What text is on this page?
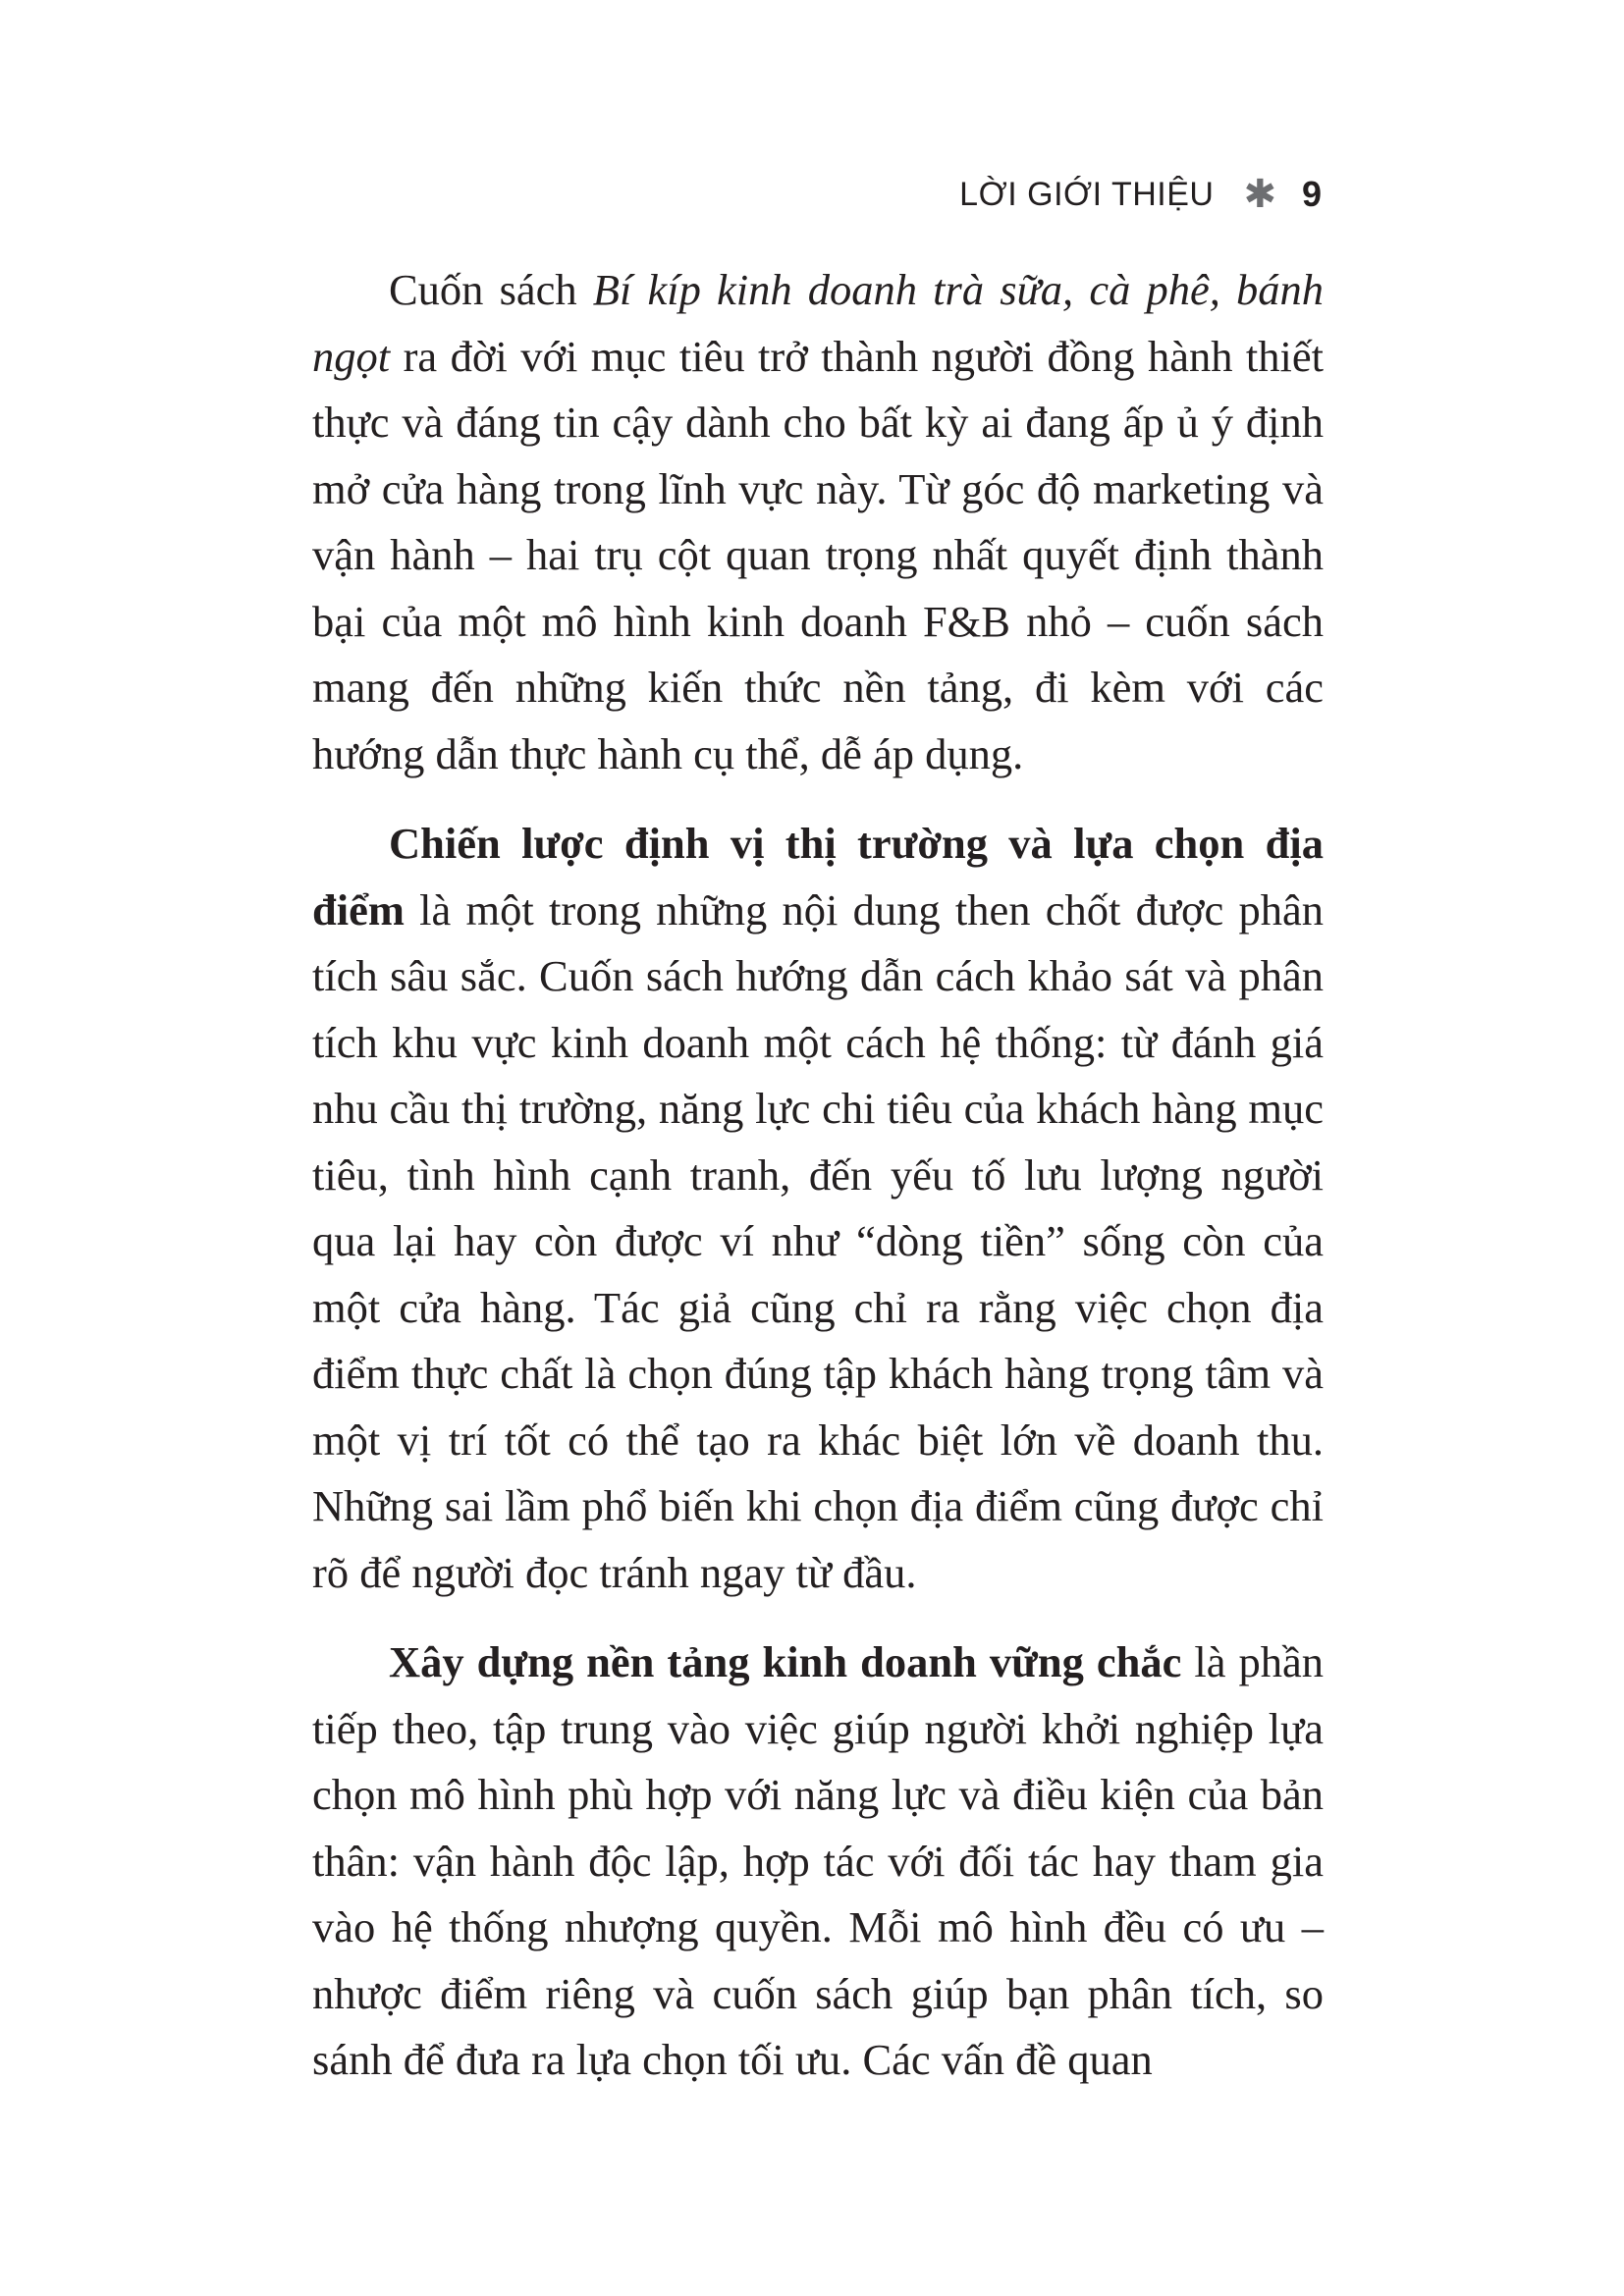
LỜI GIỚI THIỆU ✱ 9

Cuốn sách Bí kíp kinh doanh trà sữa, cà phê, bánh ngọt ra đời với mục tiêu trở thành người đồng hành thiết thực và đáng tin cậy dành cho bất kỳ ai đang ấp ủ ý định mở cửa hàng trong lĩnh vực này. Từ góc độ marketing và vận hành – hai trụ cột quan trọng nhất quyết định thành bại của một mô hình kinh doanh F&B nhỏ – cuốn sách mang đến những kiến thức nền tảng, đi kèm với các hướng dẫn thực hành cụ thể, dễ áp dụng.

Chiến lược định vị thị trường và lựa chọn địa điểm là một trong những nội dung then chốt được phân tích sâu sắc. Cuốn sách hướng dẫn cách khảo sát và phân tích khu vực kinh doanh một cách hệ thống: từ đánh giá nhu cầu thị trường, năng lực chi tiêu của khách hàng mục tiêu, tình hình cạnh tranh, đến yếu tố lưu lượng người qua lại hay còn được ví như “dòng tiền” sống còn của một cửa hàng. Tác giả cũng chỉ ra rằng việc chọn địa điểm thực chất là chọn đúng tập khách hàng trọng tâm và một vị trí tốt có thể tạo ra khác biệt lớn về doanh thu. Những sai lầm phổ biến khi chọn địa điểm cũng được chỉ rõ để người đọc tránh ngay từ đầu.

Xây dựng nền tảng kinh doanh vững chắc là phần tiếp theo, tập trung vào việc giúp người khởi nghiệp lựa chọn mô hình phù hợp với năng lực và điều kiện của bản thân: vận hành độc lập, hợp tác với đối tác hay tham gia vào hệ thống nhượng quyền. Mỗi mô hình đều có ưu – nhược điểm riêng và cuốn sách giúp bạn phân tích, so sánh để đưa ra lựa chọn tối ưu. Các vấn đề quan
